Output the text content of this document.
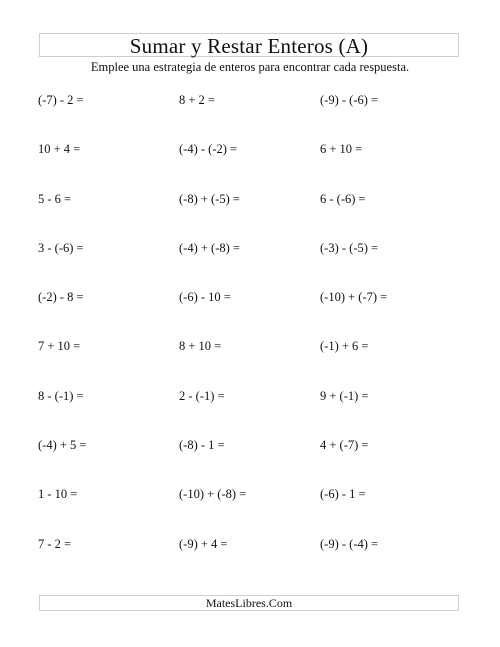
Sumar y Restar Enteros (A)
Emplee una estrategia de enteros para encontrar cada respuesta.
(-7) - 2 =	8 + 2 =	(-9) - (-6) =
10 + 4 =	(-4) - (-2) =	6 + 10 =
5 - 6 =	(-8) + (-5) =	6 - (-6) =
3 - (-6) =	(-4) + (-8) =	(-3) - (-5) =
(-2) - 8 =	(-6) - 10 =	(-10) + (-7) =
7 + 10 =	8 + 10 =	(-1) + 6 =
8 - (-1) =	2 - (-1) =	9 + (-1) =
(-4) + 5 =	(-8) - 1 =	4 + (-7) =
1 - 10 =	(-10) + (-8) =	(-6) - 1 =
7 - 2 =	(-9) + 4 =	(-9) - (-4) =
MatesLibres.Com
